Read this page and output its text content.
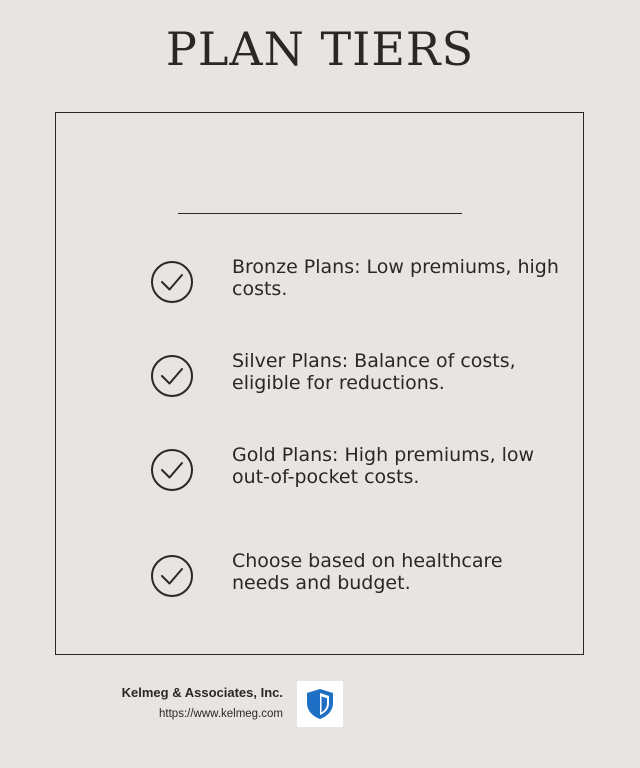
PLAN TIERS
Bronze Plans: Low premiums, high costs.
Silver Plans: Balance of costs, eligible for reductions.
Gold Plans: High premiums, low out-of-pocket costs.
Choose based on healthcare needs and budget.
Kelmeg & Associates, Inc.
https://www.kelmeg.com
